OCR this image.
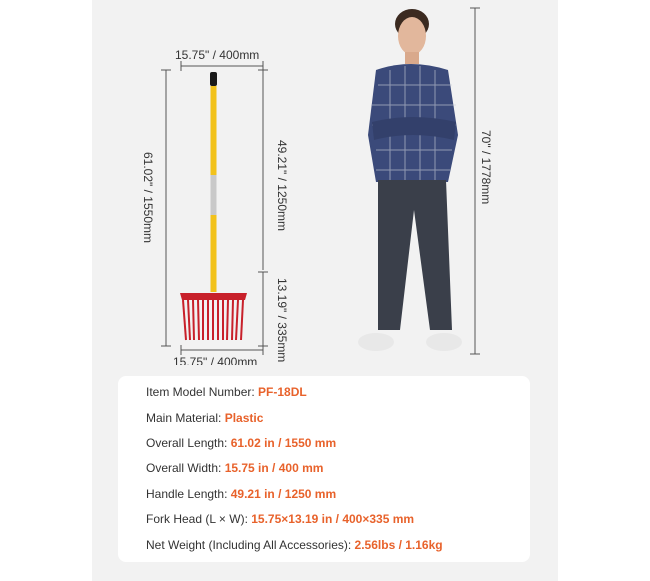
15.75" / 400mm
61.02" / 1550mm	49.21" / 1250mm
13.19" / 335mm
15.75" / 400mm
70" / 1778mm
Item Model Number: PF-18DL
Main Material: Plastic
Overall Length: 61.02 in / 1550 mm
Overall Width: 15.75 in / 400 mm
Handle Length: 49.21 in / 1250 mm
Fork Head (L × W): 15.75×13.19 in / 400×335 mm
Net Weight (Including All Accessories): 2.56lbs / 1.16kg
